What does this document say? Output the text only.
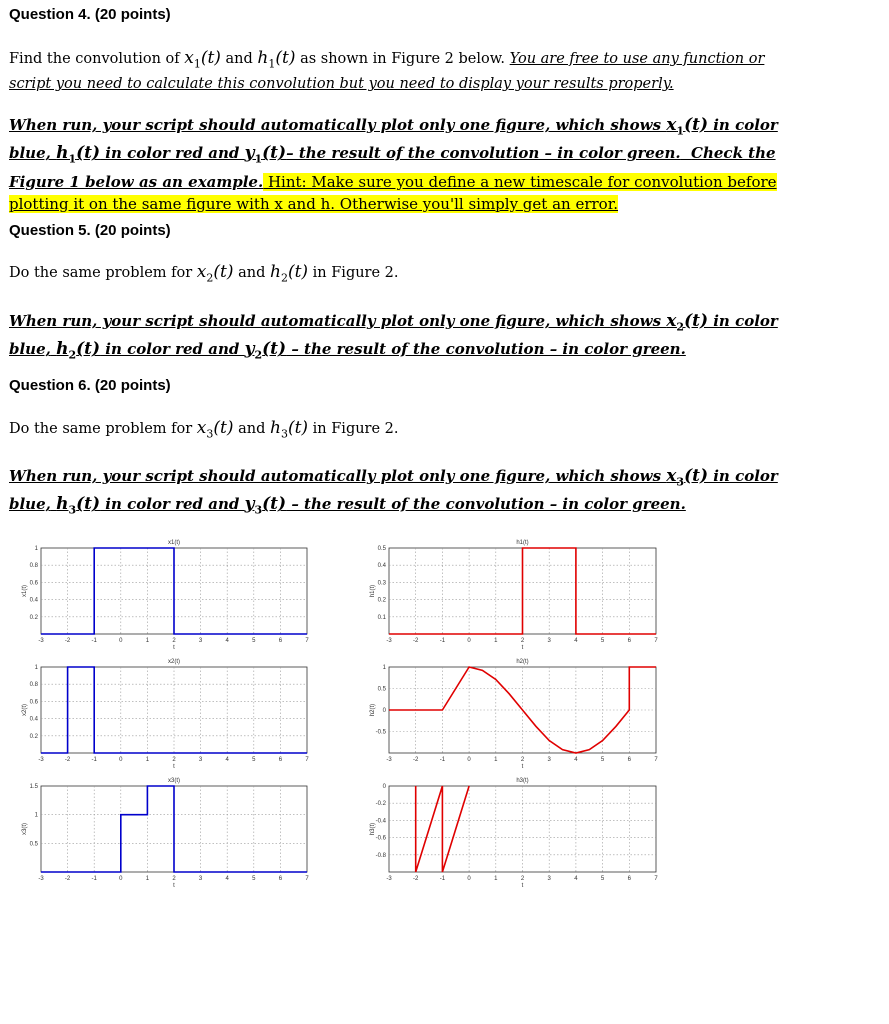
Question 4. (20 points)
Find the convolution of $x_1(t)$ and $h_1(t)$ as shown in Figure 2 below. You are free to use any function or script you need to calculate this convolution but you need to display your results properly.
When run, your script should automatically plot only one figure, which shows $x_1(t)$ in color blue, $h_1(t)$ in color red and $y_1(t)-$ the result of the convolution – in color green. Check the Figure 1 below as an example. Hint: Make sure you define a new timescale for convolution before plotting it on the same figure with x and h. Otherwise you'll simply get an error.
Question 5. (20 points)
Do the same problem for $x_2(t)$ and $h_2(t)$ in Figure 2.
When run, your script should automatically plot only one figure, which shows $x_2(t)$ in color blue, $h_2(t)$ in color red and $y_2(t)$ – the result of the convolution – in color green.
Question 6. (20 points)
Do the same problem for $x_3(t)$ and $h_3(t)$ in Figure 2.
When run, your script should automatically plot only one figure, which shows $x_3(t)$ in color blue, $h_3(t)$ in color red and $y_3(t)$ – the result of the convolution – in color green.
-3	-2	-1	0	1	2	3	4	5	6	7
0.2
0.4
0.6
0.8
1
x1(t)
t
x1(t)
-3	-2	-1	0	1	2	3	4	5	6	7
0.1
0.2
0.3
0.4
0.5
h1(t)
t
h1(t)
-3	-2	-1	0	1	2	3	4	5	6	7
0.2
0.4
0.6
0.8
1
x2(t)
t
x2(t)
-3	-2	-1	0	1	2	3	4	5	6	7
-0.5
0
0.5
1
h2(t)
t
h2(t)
-3	-2	-1	0	1	2	3	4	5	6	7
0.5
1
1.5
x3(t)
t
x3(t)
-3	-2	-1	0	1	2	3	4	5	6	7
-0.8
-0.6
-0.4
-0.2
0
h3(t)
t
h3(t)
